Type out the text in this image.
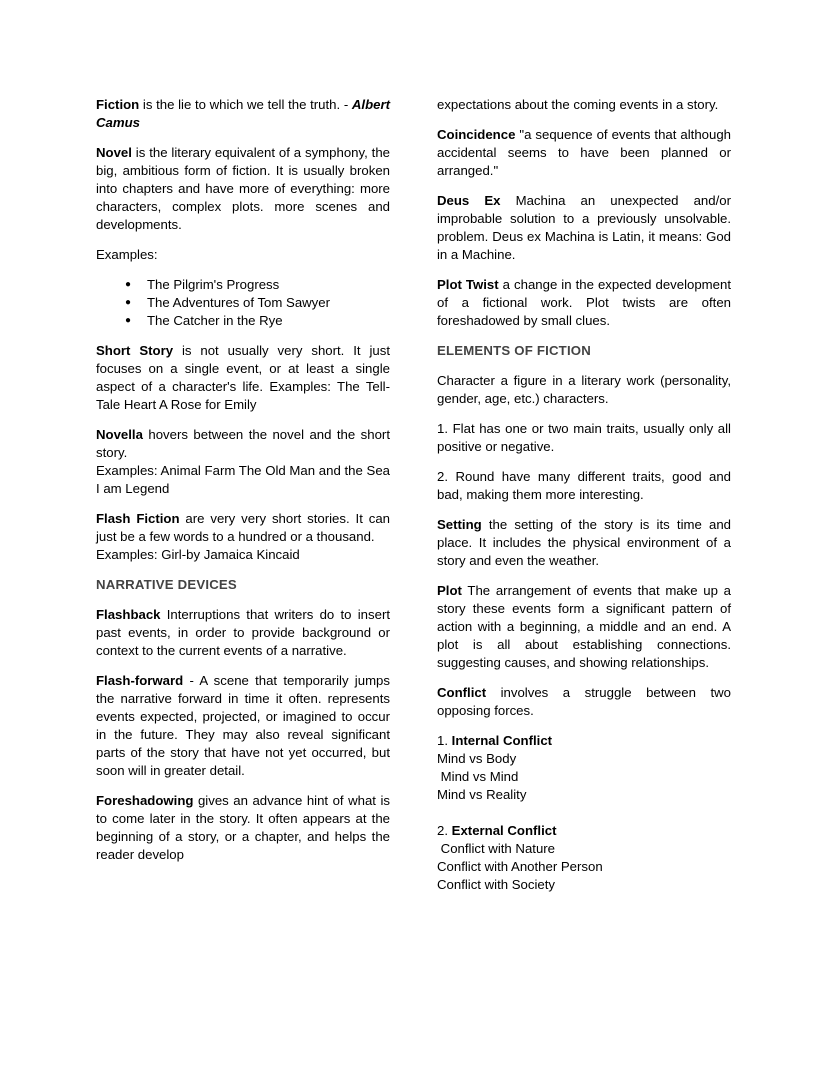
Fiction is the lie to which we tell the truth. - Albert Camus

Novel is the literary equivalent of a symphony, the big, ambitious form of fiction. It is usually broken into chapters and have more of everything: more characters, complex plots. more scenes and developments.

Examples:

● The Pilgrim's Progress
● The Adventures of Tom Sawyer
● The Catcher in the Rye

Short Story is not usually very short. It just focuses on a single event, or at least a single aspect of a character's life. Examples: The Tell-Tale Heart A Rose for Emily

Novella hovers between the novel and the short story.
Examples: Animal Farm The Old Man and the Sea I am Legend

Flash Fiction are very very short stories. It can just be a few words to a hundred or a thousand.
Examples: Girl-by Jamaica Kincaid

NARRATIVE DEVICES

Flashback Interruptions that writers do to insert past events, in order to provide background or context to the current events of a narrative.

Flash-forward - A scene that temporarily jumps the narrative forward in time it often. represents events expected, projected, or imagined to occur in the future. They may also reveal significant parts of the story that have not yet occurred, but soon will in greater detail.

Foreshadowing gives an advance hint of what is to come later in the story. It often appears at the beginning of a story, or a chapter, and helps the reader develop

expectations about the coming events in a story.

Coincidence "a sequence of events that although accidental seems to have been planned or arranged."

Deus Ex Machina an unexpected and/or improbable solution to a previously unsolvable. problem. Deus ex Machina is Latin, it means: God in a Machine.

Plot Twist a change in the expected development of a fictional work. Plot twists are often foreshadowed by small clues.

ELEMENTS OF FICTION

Character a figure in a literary work (personality, gender, age, etc.) characters.

1. Flat has one or two main traits, usually only all positive or negative.

2. Round have many different traits, good and bad, making them more interesting.

Setting the setting of the story is its time and place. It includes the physical environment of a story and even the weather.

Plot The arrangement of events that make up a story these events form a significant pattern of action with a beginning, a middle and an end. A plot is all about establishing connections. suggesting causes, and showing relationships.

Conflict involves a struggle between two opposing forces.

1. Internal Conflict
Mind vs Body
Mind vs Mind
Mind vs Reality
2. External Conflict
Conflict with Nature
Conflict with Another Person
Conflict with Society
